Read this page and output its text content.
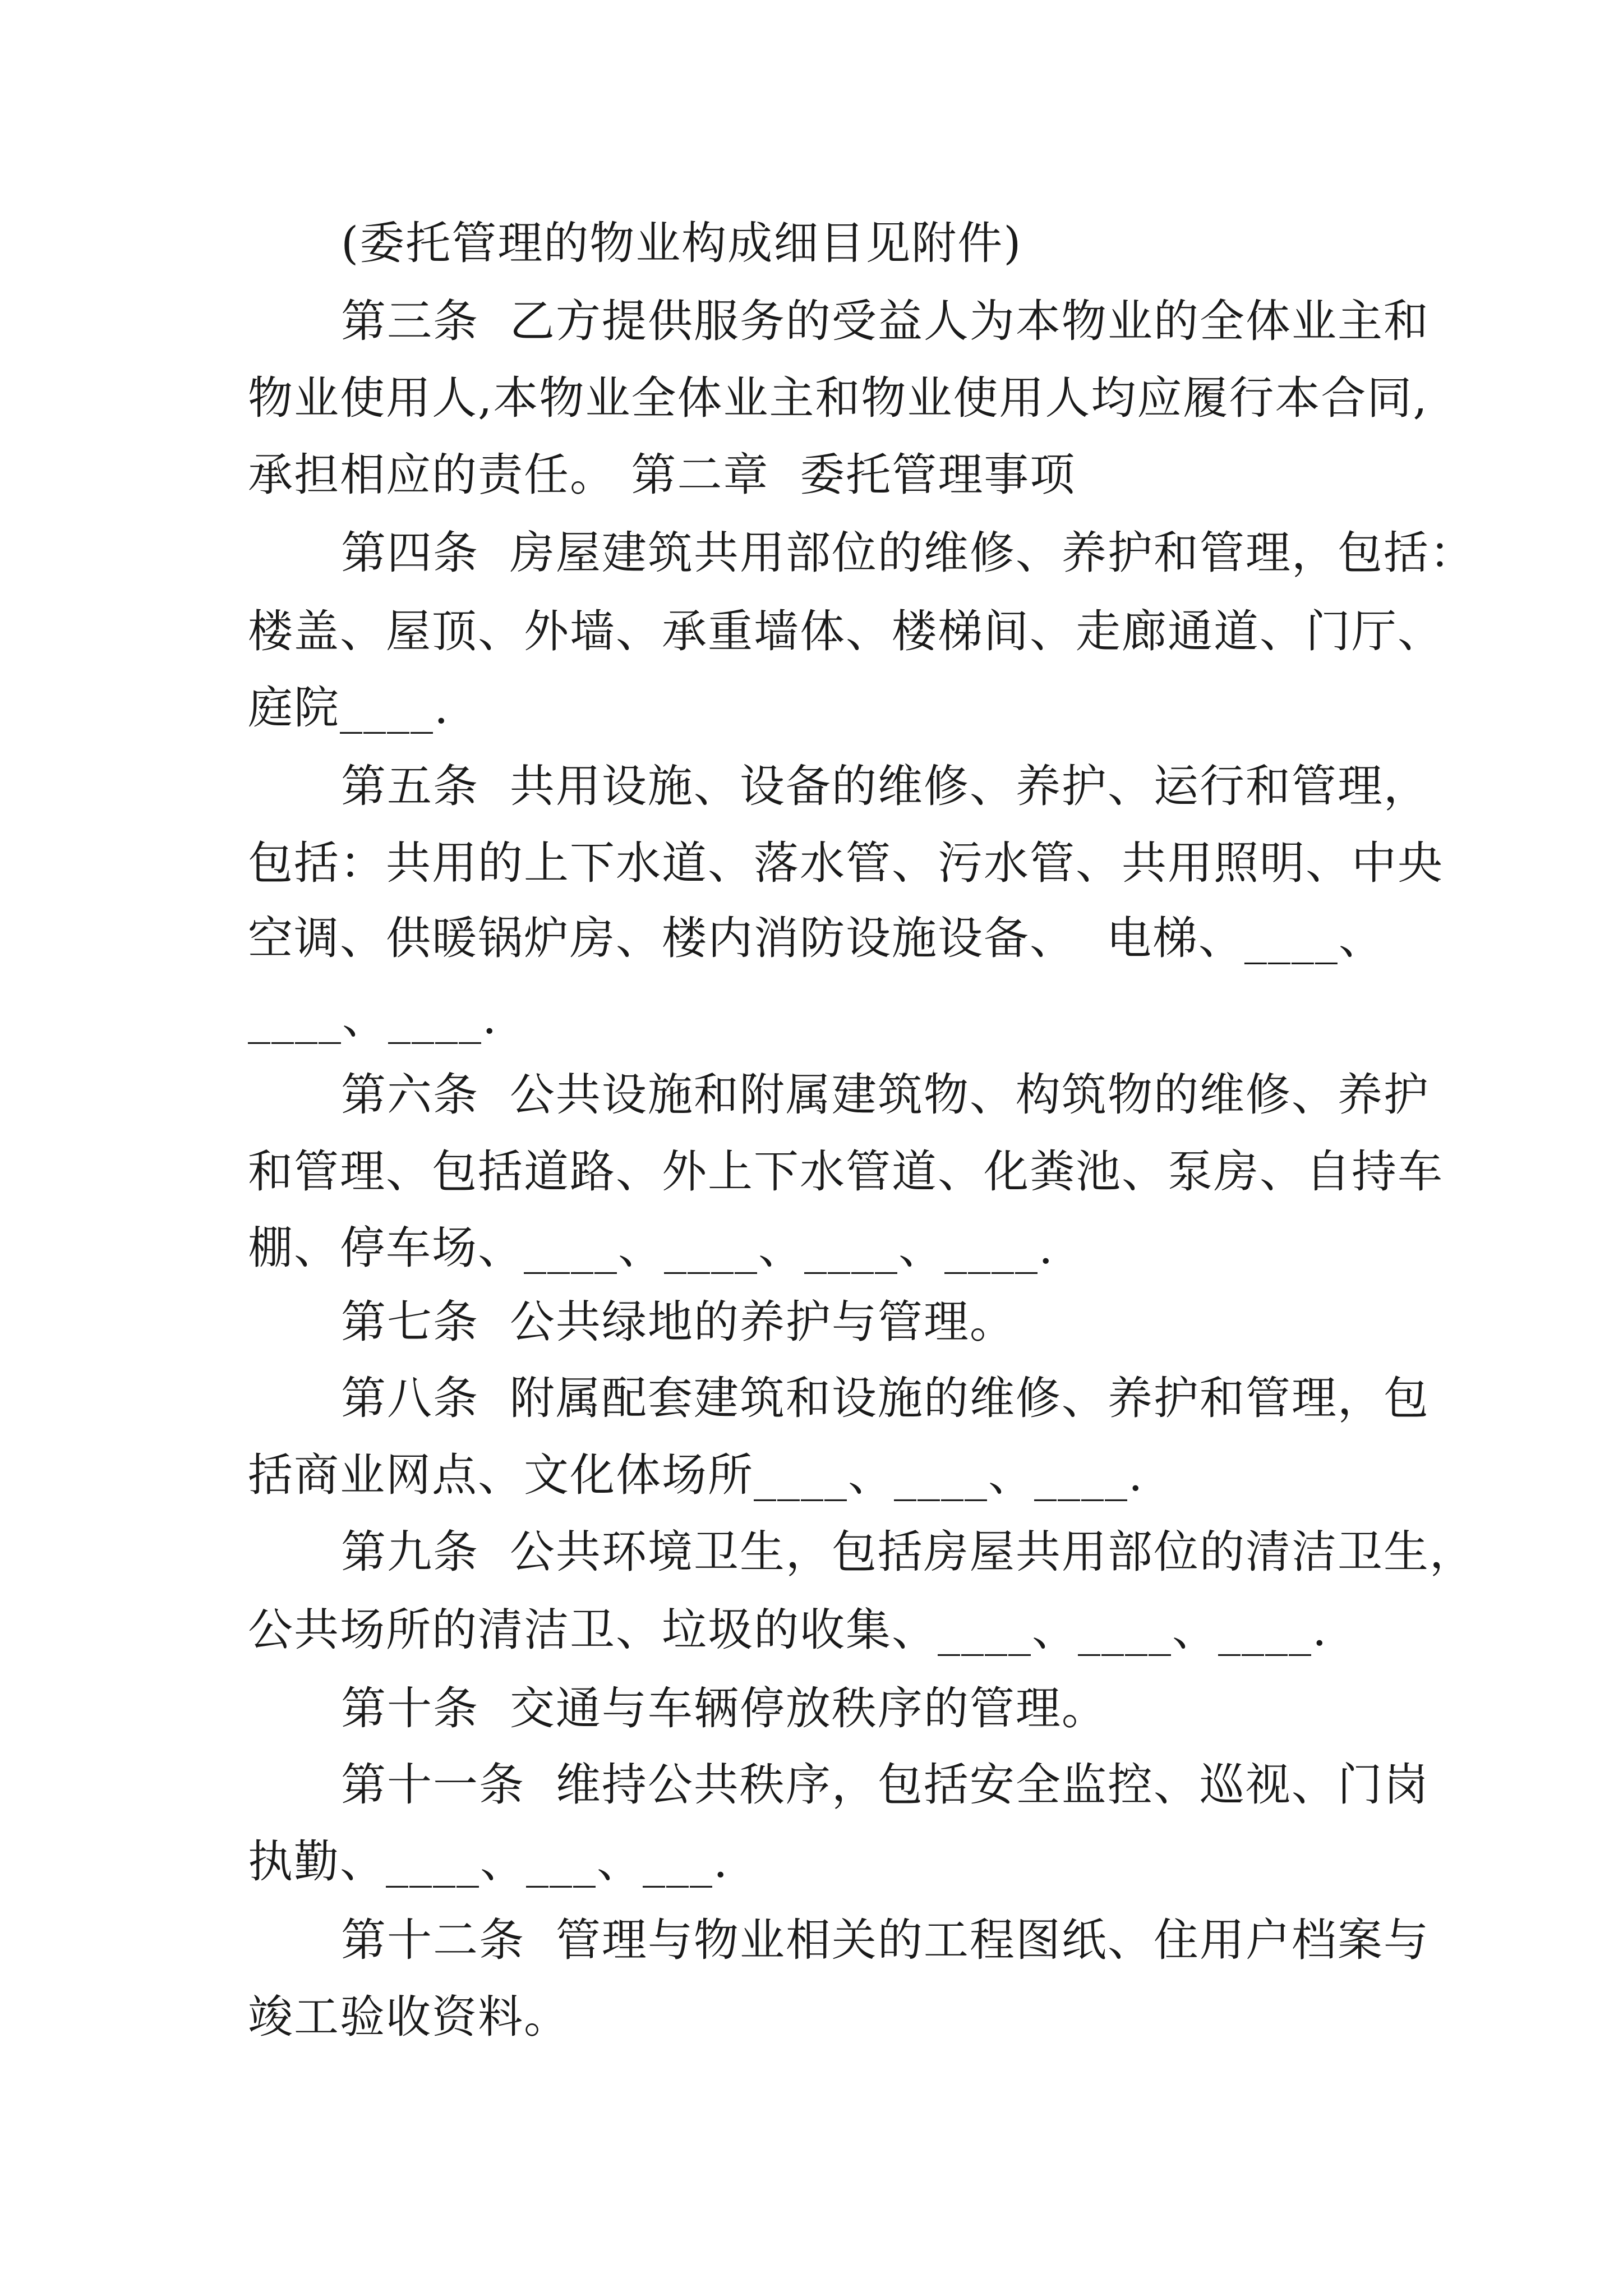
(委托管理的物业构成细目见附件)
第三条  乙方提供服务的受益人为本物业的全体业主和
物业使用人,本物业全体业主和物业使用人均应履行本合同,
承担相应的责任。 第二章  委托管理事项
第四条  房屋建筑共用部位的维修、养护和管理，包括：
楼盖、屋顶、外墙、承重墙体、楼梯间、走廊通道、门厅、
庭院____.
第五条  共用设施、设备的维修、养护、运行和管理，
包括：共用的上下水道、落水管、污水管、共用照明、中央
空调、供暖锅炉房、楼内消防设施设备、  电梯、____、
____、____.
第六条  公共设施和附属建筑物、构筑物的维修、养护
和管理、包括道路、外上下水管道、化粪池、泵房、自持车
棚、停车场、____、____、____、____.
第七条  公共绿地的养护与管理。
第八条  附属配套建筑和设施的维修、养护和管理，包
括商业网点、文化体场所____、____、____.
第九条  公共环境卫生，包括房屋共用部位的清洁卫生，
公共场所的清洁卫、垃圾的收集、____、____、____.
第十条  交通与车辆停放秩序的管理。
第十一条  维持公共秩序，包括安全监控、巡视、门岗
执勤、____、___、___.
第十二条  管理与物业相关的工程图纸、住用户档案与
竣工验收资料。
